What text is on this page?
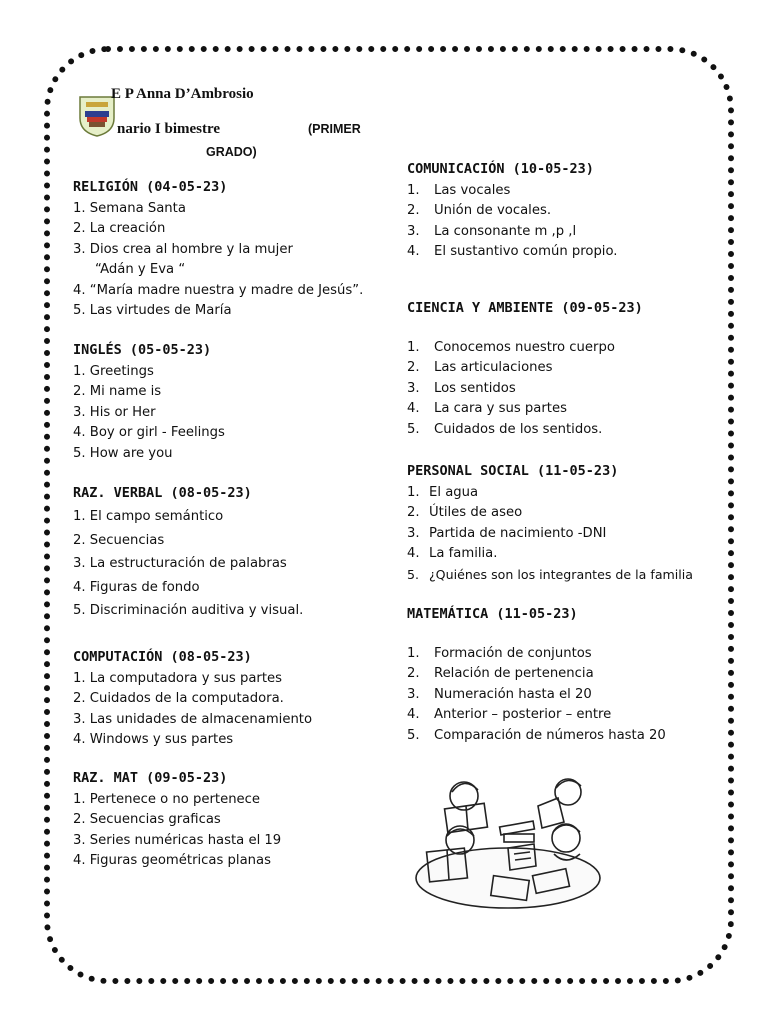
E P Anna D’Ambrosio
nario I bimestre	(PRIMER
GRADO)
RELIGIÓN (04-05-23)
1. Semana Santa
2. La creación
3. Dios crea al hombre y la mujer
“Adán y Eva “
4. “María madre nuestra y madre de Jesús”.
5. Las virtudes de María
INGLÉS (05-05-23)
1. Greetings
2. Mi name is
3. His or Her
4. Boy or girl - Feelings
5. How are you
RAZ. VERBAL (08-05-23)
1. El campo semántico
2. Secuencias
3. La estructuración de palabras
4. Figuras de fondo
5. Discriminación auditiva y visual.
COMPUTACIÓN (08-05-23)
1. La computadora y sus partes
2. Cuidados de la computadora.
3. Las unidades de almacenamiento
4. Windows y sus partes
RAZ. MAT (09-05-23)
1. Pertenece o no pertenece
2. Secuencias graficas
3. Series numéricas hasta el 19
4. Figuras geométricas planas
COMUNICACIÓN (10-05-23)
1. Las vocales
2. Unión de vocales.
3. La consonante m ,p ,l
4. El sustantivo común propio.
CIENCIA Y AMBIENTE (09-05-23)
1. Conocemos nuestro cuerpo
2. Las articulaciones
3. Los sentidos
4. La cara y sus partes
5. Cuidados de los sentidos.
PERSONAL SOCIAL (11-05-23)
1. El agua
2. Útiles de aseo
3. Partida de nacimiento -DNI
4. La familia.
5. ¿Quiénes son los integrantes de la familia
MATEMÁTICA (11-05-23)
1. Formación de conjuntos
2. Relación de pertenencia
3. Numeración hasta el 20
4. Anterior – posterior – entre
5. Comparación de números hasta 20
